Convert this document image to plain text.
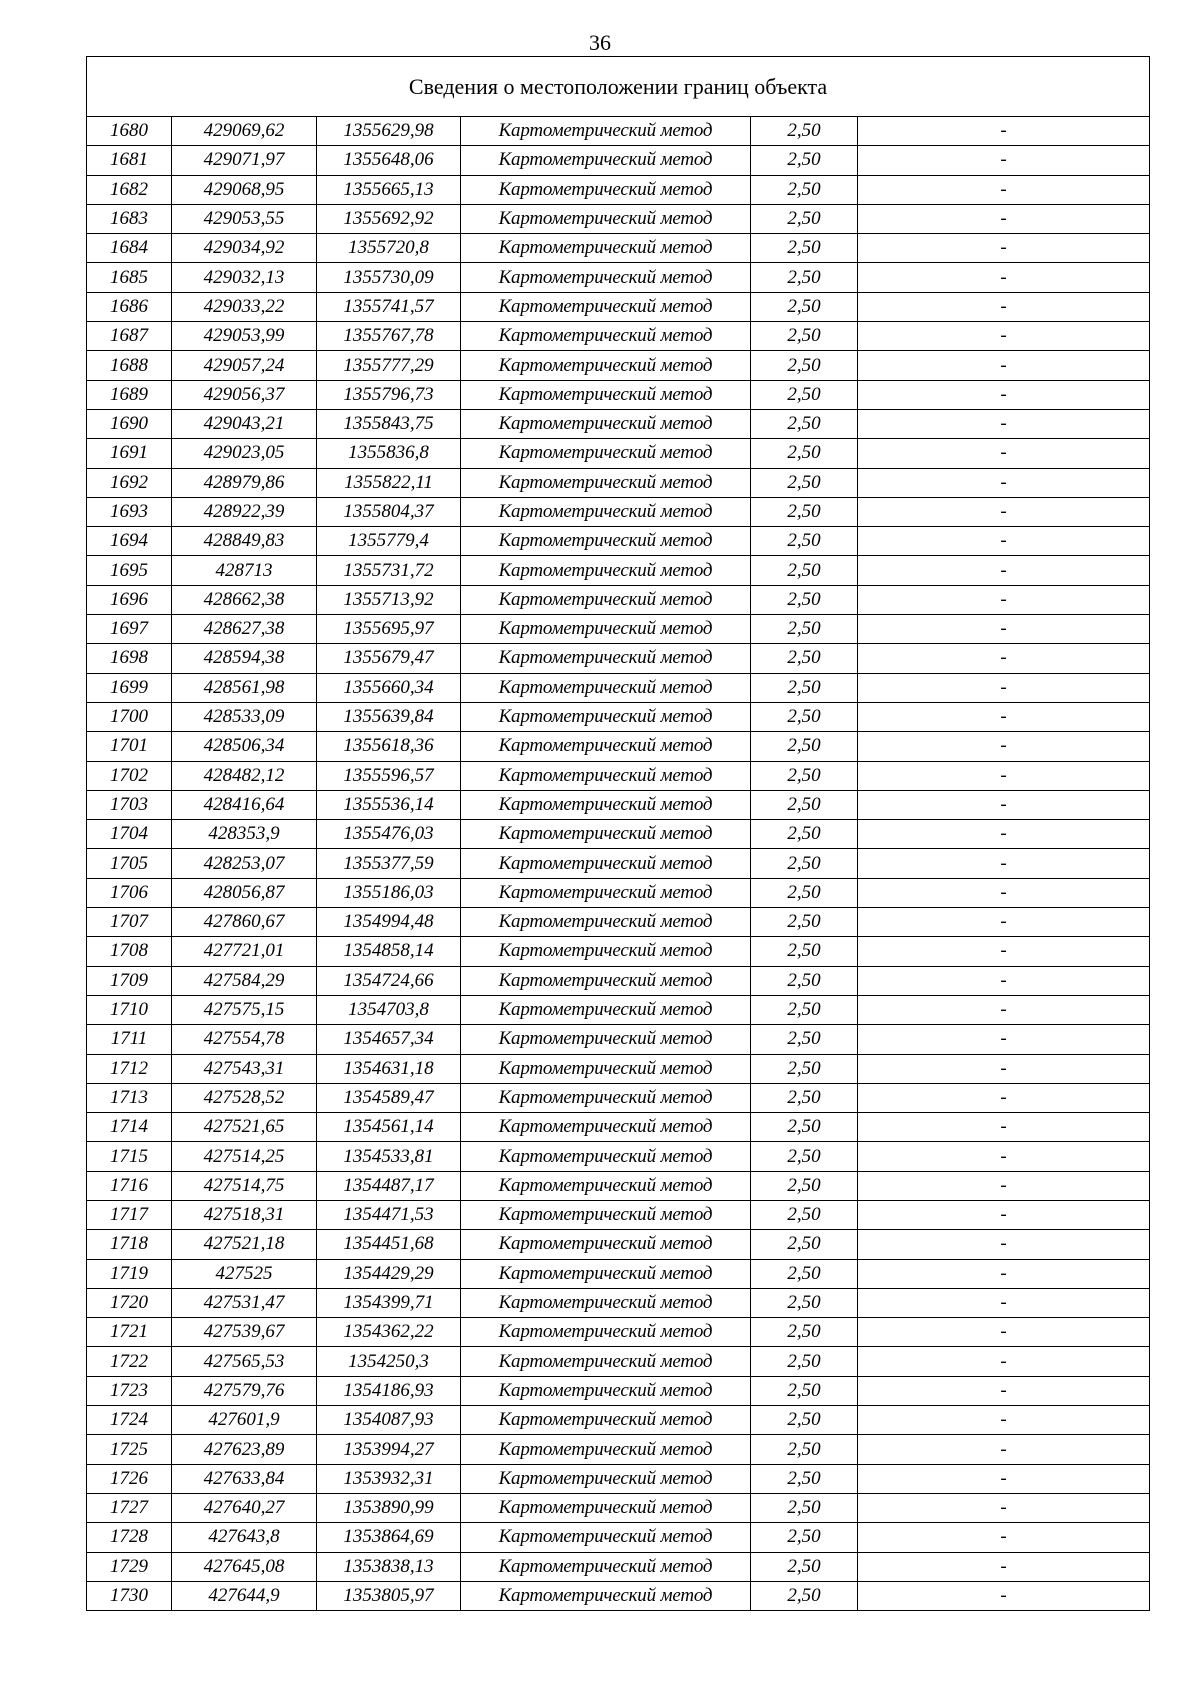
36
Сведения о местоположении границ объекта					
1680	429069,62	1355629,98	Картометрический метод	2,50	-
1681	429071,97	1355648,06	Картометрический метод	2,50	-
1682	429068,95	1355665,13	Картометрический метод	2,50	-
1683	429053,55	1355692,92	Картометрический метод	2,50	-
1684	429034,92	1355720,8	Картометрический метод	2,50	-
1685	429032,13	1355730,09	Картометрический метод	2,50	-
1686	429033,22	1355741,57	Картометрический метод	2,50	-
1687	429053,99	1355767,78	Картометрический метод	2,50	-
1688	429057,24	1355777,29	Картометрический метод	2,50	-
1689	429056,37	1355796,73	Картометрический метод	2,50	-
1690	429043,21	1355843,75	Картометрический метод	2,50	-
1691	429023,05	1355836,8	Картометрический метод	2,50	-
1692	428979,86	1355822,11	Картометрический метод	2,50	-
1693	428922,39	1355804,37	Картометрический метод	2,50	-
1694	428849,83	1355779,4	Картометрический метод	2,50	-
1695	428713	1355731,72	Картометрический метод	2,50	-
1696	428662,38	1355713,92	Картометрический метод	2,50	-
1697	428627,38	1355695,97	Картометрический метод	2,50	-
1698	428594,38	1355679,47	Картометрический метод	2,50	-
1699	428561,98	1355660,34	Картометрический метод	2,50	-
1700	428533,09	1355639,84	Картометрический метод	2,50	-
1701	428506,34	1355618,36	Картометрический метод	2,50	-
1702	428482,12	1355596,57	Картометрический метод	2,50	-
1703	428416,64	1355536,14	Картометрический метод	2,50	-
1704	428353,9	1355476,03	Картометрический метод	2,50	-
1705	428253,07	1355377,59	Картометрический метод	2,50	-
1706	428056,87	1355186,03	Картометрический метод	2,50	-
1707	427860,67	1354994,48	Картометрический метод	2,50	-
1708	427721,01	1354858,14	Картометрический метод	2,50	-
1709	427584,29	1354724,66	Картометрический метод	2,50	-
1710	427575,15	1354703,8	Картометрический метод	2,50	-
1711	427554,78	1354657,34	Картометрический метод	2,50	-
1712	427543,31	1354631,18	Картометрический метод	2,50	-
1713	427528,52	1354589,47	Картометрический метод	2,50	-
1714	427521,65	1354561,14	Картометрический метод	2,50	-
1715	427514,25	1354533,81	Картометрический метод	2,50	-
1716	427514,75	1354487,17	Картометрический метод	2,50	-
1717	427518,31	1354471,53	Картометрический метод	2,50	-
1718	427521,18	1354451,68	Картометрический метод	2,50	-
1719	427525	1354429,29	Картометрический метод	2,50	-
1720	427531,47	1354399,71	Картометрический метод	2,50	-
1721	427539,67	1354362,22	Картометрический метод	2,50	-
1722	427565,53	1354250,3	Картометрический метод	2,50	-
1723	427579,76	1354186,93	Картометрический метод	2,50	-
1724	427601,9	1354087,93	Картометрический метод	2,50	-
1725	427623,89	1353994,27	Картометрический метод	2,50	-
1726	427633,84	1353932,31	Картометрический метод	2,50	-
1727	427640,27	1353890,99	Картометрический метод	2,50	-
1728	427643,8	1353864,69	Картометрический метод	2,50	-
1729	427645,08	1353838,13	Картометрический метод	2,50	-
1730	427644,9	1353805,97	Картометрический метод	2,50	-
